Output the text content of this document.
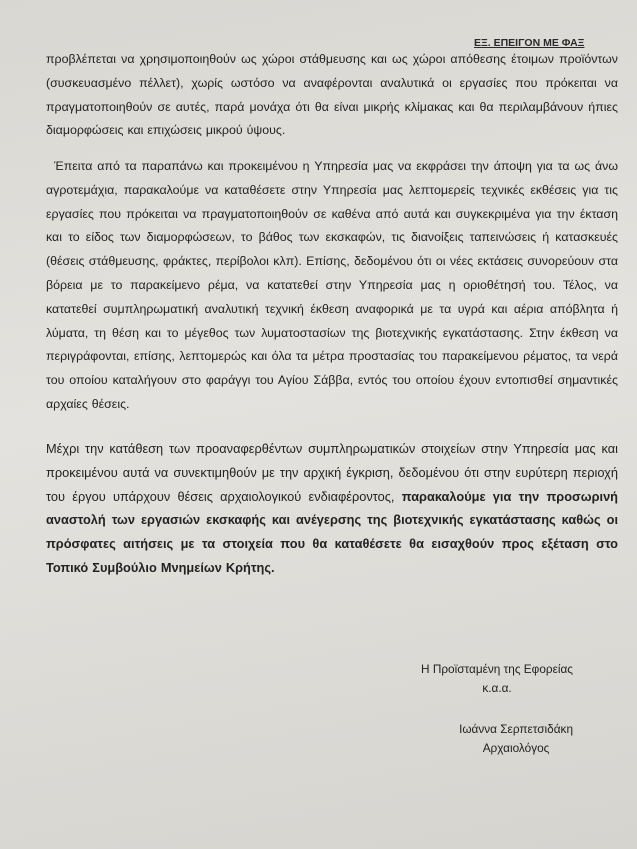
ΕΞ. ΕΠΕΙΓΟΝ ΜΕ ΦΑΞ
προβλέπεται να χρησιμοποιηθούν ως χώροι στάθμευσης και ως χώροι απόθεσης έτοιμων προϊόντων (συσκευασμένο πέλλετ), χωρίς ωστόσο να αναφέρονται αναλυτικά οι εργασίες που πρόκειται να πραγματοποιηθούν σε αυτές, παρά μονάχα ότι θα είναι μικρής κλίμακας και θα περιλαμβάνουν ήπιες διαμορφώσεις και επιχώσεις μικρού ύψους.
Έπειτα από τα παραπάνω και προκειμένου η Υπηρεσία μας να εκφράσει την άποψη για τα ως άνω αγροτεμάχια, παρακαλούμε να καταθέσετε στην Υπηρεσία μας λεπτομερείς τεχνικές εκθέσεις για τις εργασίες που πρόκειται να πραγματοποιηθούν σε καθένα από αυτά και συγκεκριμένα για την έκταση και το είδος των διαμορφώσεων, το βάθος των εκσκαφών, τις διανοίξεις ταπεινώσεις ή κατασκευές (θέσεις στάθμευσης, φράκτες, περίβολοι κλπ). Επίσης, δεδομένου ότι οι νέες εκτάσεις συνορεύουν στα βόρεια με το παρακείμενο ρέμα, να κατατεθεί στην Υπηρεσία μας η οριοθέτησή του. Τέλος, να κατατεθεί συμπληρωματική αναλυτική τεχνική έκθεση αναφορικά με τα υγρά και αέρια απόβλητα ή λύματα, τη θέση και το μέγεθος των λυματοστασίων της βιοτεχνικής εγκατάστασης. Στην έκθεση να περιγράφονται, επίσης, λεπτομερώς και όλα τα μέτρα προστασίας του παρακείμενου ρέματος, τα νερά του οποίου καταλήγουν στο φαράγγι του Αγίου Σάββα, εντός του οποίου έχουν εντοπισθεί σημαντικές αρχαίες θέσεις.
Μέχρι την κατάθεση των προαναφερθέντων συμπληρωματικών στοιχείων στην Υπηρεσία μας και προκειμένου αυτά να συνεκτιμηθούν με την αρχική έγκριση, δεδομένου ότι στην ευρύτερη περιοχή του έργου υπάρχουν θέσεις αρχαιολογικού ενδιαφέροντος, παρακαλούμε για την προσωρινή αναστολή των εργασιών εκσκαφής και ανέγερσης της βιοτεχνικής εγκατάστασης καθώς οι πρόσφατες αιτήσεις με τα στοιχεία που θα καταθέσετε θα εισαχθούν προς εξέταση στο Τοπικό Συμβούλιο Μνημείων Κρήτης.
Η Προϊσταμένη της Εφορείας
κ.α.α.
Ιωάννα Σερπετσιδάκη
Αρχαιολόγος
